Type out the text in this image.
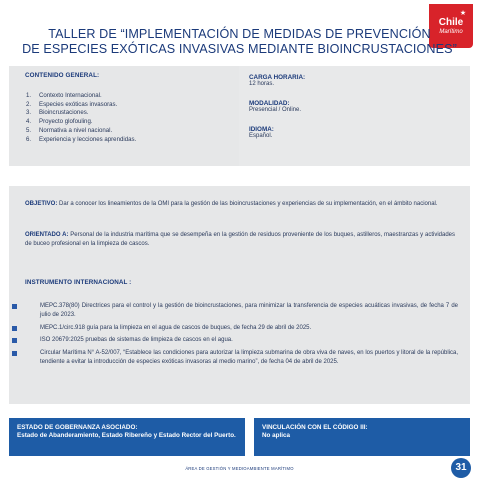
★
Chile
Marítimo
TALLER DE “IMPLEMENTACIÓN DE MEDIDAS DE PREVENCIÓN
DE ESPECIES EXÓTICAS INVASIVAS MEDIANTE BIOINCRUSTACIONES”
CONTENIDO GENERAL:
1. Contexto Internacional.
2. Especies exóticas invasoras.
3. Bioincrustaciones.
4. Proyecto glofouling.
5. Normativa a nivel nacional.
6. Experiencia y lecciones aprendidas.
CARGA HORARIA:
12 horas.
MODALIDAD:
Presencial / Online.
IDIOMA:
Español.
OBJETIVO: Dar a conocer los lineamientos de la OMI para la gestión de las bioincrustaciones y experiencias de su implementación, en el ámbito nacional.
ORIENTADO A: Personal de la industria marítima que se desempeña en la gestión de residuos proveniente de los buques, astilleros, maestranzas y actividades de buceo profesional en la limpieza de cascos.
INSTRUMENTO INTERNACIONAL :
MEPC.378(80) Directrices para el control y la gestión de bioincrustaciones, para minimizar la transferencia de especies acuáticas invasivas, de fecha 7 de julio de 2023.
MEPC.1/circ.918 guía para la limpieza en el agua de cascos de buques, de fecha 29 de abril de 2025.
ISO 20679:2025 pruebas de sistemas de limpieza de cascos en el agua.
Circular Marítima N° A-52/007, “Establece las condiciones para autorizar la limpieza submarina de obra viva de naves, en los puertos y litoral de la república, tendiente a evitar la introducción de especies exóticas invasoras al medio marino”, de fecha 04 de abril de 2025.
ESTADO DE GOBERNANZA ASOCIADO:
Estado de Abanderamiento, Estado Ribereño y Estado Rector del Puerto.
VINCULACIÓN CON EL CÓDIGO III:
No aplica
ÁREA DE GESTIÓN Y MEDIOAMBIENTE MARÍTIMO	31
